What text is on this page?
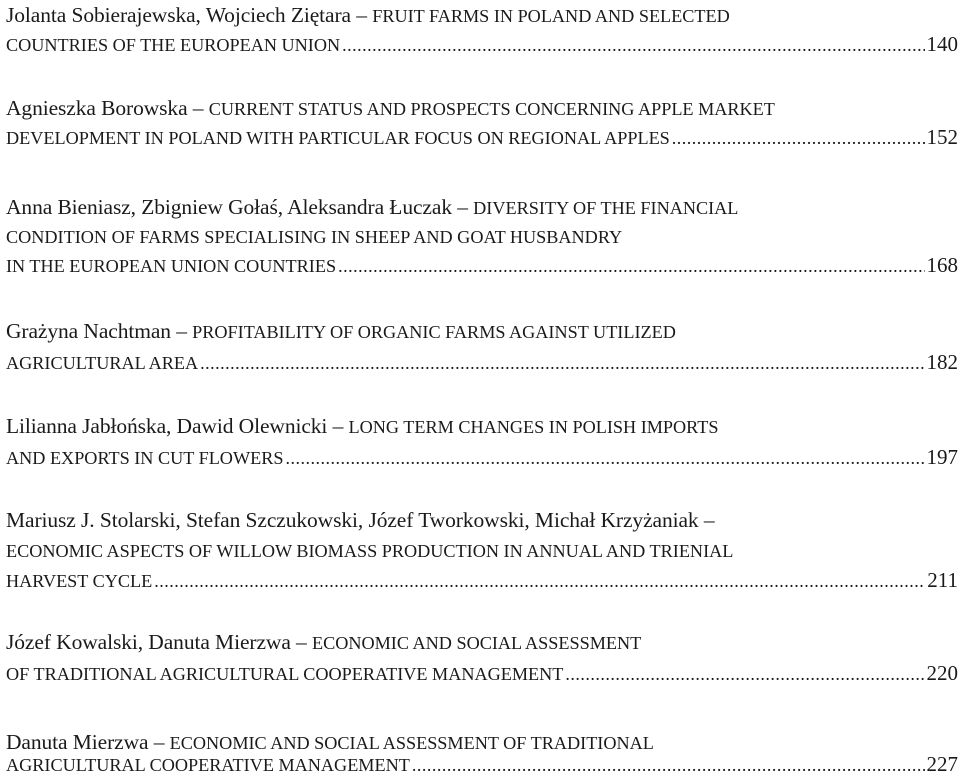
Jolanta Sobierajewska, Wojciech Ziętara – FRUIT FARMS IN POLAND AND SELECTED
COUNTRIES OF THE EUROPEAN UNION .....	140
Agnieszka Borowska – CURRENT STATUS AND PROSPECTS CONCERNING APPLE MARKET
DEVELOPMENT IN POLAND WITH PARTICULAR FOCUS ON REGIONAL APPLES .....	152
Anna Bieniasz, Zbigniew Gołaś, Aleksandra Łuczak – DIVERSITY OF THE FINANCIAL
CONDITION OF FARMS SPECIALISING IN SHEEP AND GOAT HUSBANDRY
IN THE EUROPEAN UNION COUNTRIES .....	168
Grażyna Nachtman – PROFITABILITY OF ORGANIC FARMS AGAINST UTILIZED
AGRICULTURAL AREA .....	182
Lilianna Jabłońska, Dawid Olewnicki – LONG TERM CHANGES IN POLISH IMPORTS
AND EXPORTS IN CUT FLOWERS .....	197
Mariusz J. Stolarski, Stefan Szczukowski, Józef Tworkowski, Michał Krzyżaniak –
ECONOMIC ASPECTS OF WILLOW BIOMASS PRODUCTION IN ANNUAL AND TRIENIAL
HARVEST CYCLE .....	211
Józef Kowalski, Danuta Mierzwa – ECONOMIC AND SOCIAL ASSESSMENT
OF TRADITIONAL AGRICULTURAL COOPERATIVE MANAGEMENT .....	220
Danuta Mierzwa – ECONOMIC AND SOCIAL ASSESSMENT OF TRADITIONAL
AGRICULTURAL COOPERATIVE MANAGEMENT .....	227
